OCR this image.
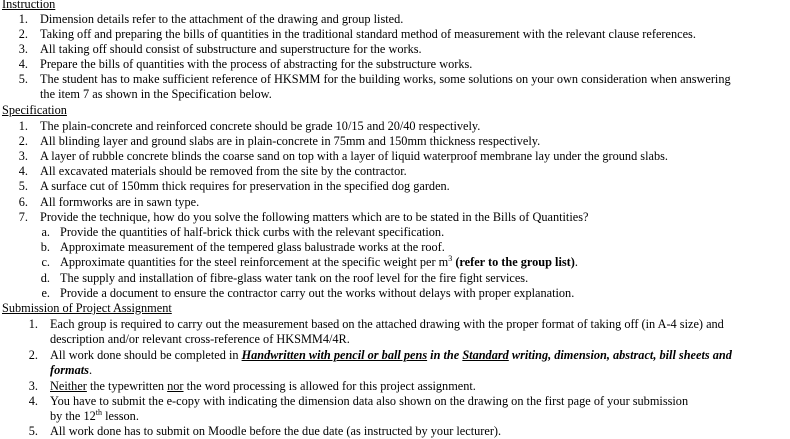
Instruction
1. Dimension details refer to the attachment of the drawing and group listed.
2. Taking off and preparing the bills of quantities in the traditional standard method of measurement with the relevant clause references.
3. All taking off should consist of substructure and superstructure for the works.
4. Prepare the bills of quantities with the process of abstracting for the substructure works.
5. The student has to make sufficient reference of HKSMM for the building works, some solutions on your own consideration when answering
the item 7 as shown in the Specification below.
Specification
1. The plain-concrete and reinforced concrete should be grade 10/15 and 20/40 respectively.
2. All blinding layer and ground slabs are in plain-concrete in 75mm and 150mm thickness respectively.
3. A layer of rubble concrete blinds the coarse sand on top with a layer of liquid waterproof membrane lay under the ground slabs.
4. All excavated materials should be removed from the site by the contractor.
5. A surface cut of 150mm thick requires for preservation in the specified dog garden.
6. All formworks are in sawn type.
7. Provide the technique, how do you solve the following matters which are to be stated in the Bills of Quantities?
a. Provide the quantities of half-brick thick curbs with the relevant specification.
b. Approximate measurement of the tempered glass balustrade works at the roof.
c. Approximate quantities for the steel reinforcement at the specific weight per $m^3$ (refer to the group list).
d. The supply and installation of fibre-glass water tank on the roof level for the fire fight services.
e. Provide a document to ensure the contractor carry out the works without delays with proper explanation.
Submission of Project Assignment
1. Each group is required to carry out the measurement based on the attached drawing with the proper format of taking off (in A-4 size) and
description and/or relevant cross-reference of HKSMM4/4R.
2. All work done should be completed in Handwritten with pencil or ball pens in the Standard writing, dimension, abstract, bill sheets and
formats.
3. Neither the typewritten nor the word processing is allowed for this project assignment.
4. You have to submit the e-copy with indicating the dimension data also shown on the drawing on the first page of your submission
by the 12th lesson.
5. All work done has to submit on Moodle before the due date (as instructed by your lecturer).
